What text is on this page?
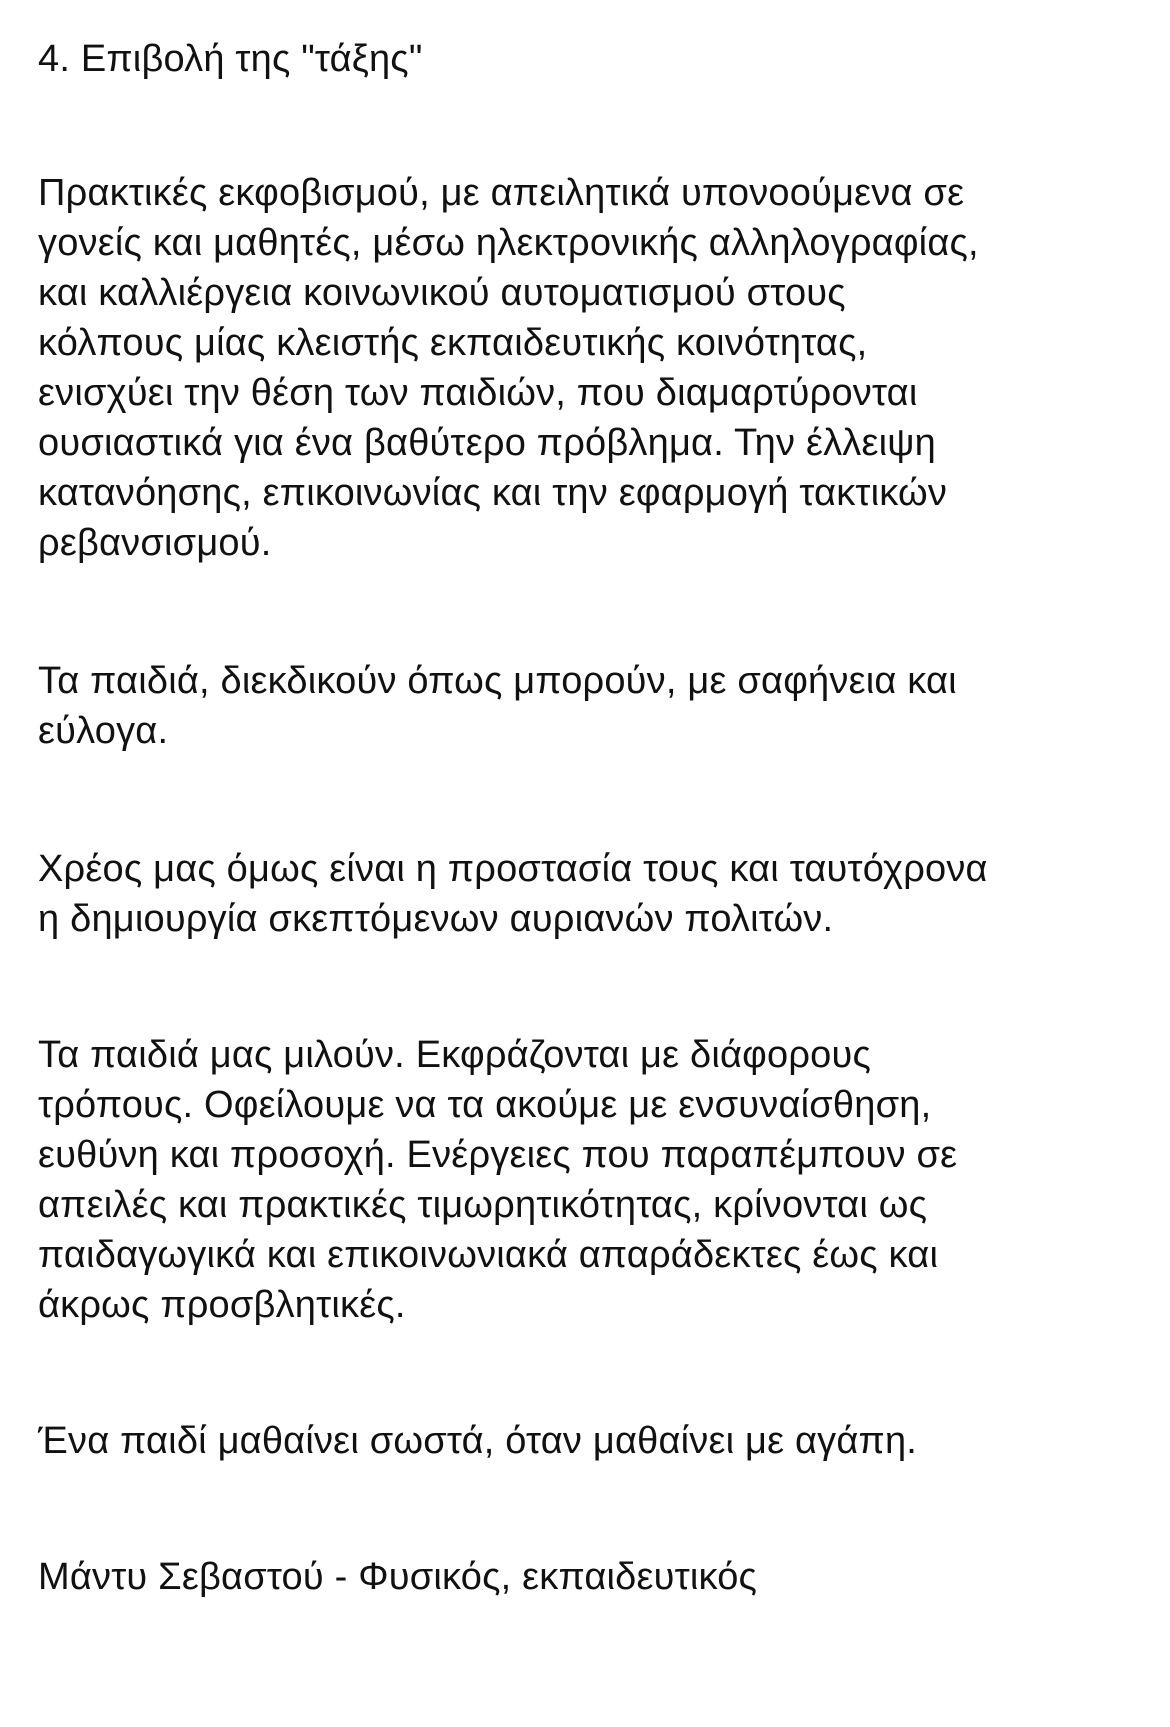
4. Επιβολή της "τάξης"
Πρακτικές εκφοβισμού, με απειλητικά υπονοούμενα σε
γονείς και μαθητές, μέσω ηλεκτρονικής αλληλογραφίας,
και καλλιέργεια κοινωνικού αυτοματισμού στους
κόλπους μίας κλειστής εκπαιδευτικής κοινότητας,
ενισχύει την θέση των παιδιών, που διαμαρτύρονται
ουσιαστικά για ένα βαθύτερο πρόβλημα. Την έλλειψη
κατανόησης, επικοινωνίας και την εφαρμογή τακτικών
ρεβανσισμού.
Τα παιδιά, διεκδικούν όπως μπορούν, με σαφήνεια και
εύλογα.
Χρέος μας όμως είναι η προστασία τους και ταυτόχρονα
η δημιουργία σκεπτόμενων αυριανών πολιτών.
Τα παιδιά μας μιλούν. Εκφράζονται με διάφορους
τρόπους. Οφείλουμε να τα ακούμε με ενσυναίσθηση,
ευθύνη και προσοχή. Ενέργειες που παραπέμπουν σε
απειλές και πρακτικές τιμωρητικότητας, κρίνονται ως
παιδαγωγικά και επικοινωνιακά απαράδεκτες έως και
άκρως προσβλητικές.
Ένα παιδί μαθαίνει σωστά, όταν μαθαίνει με αγάπη.
Μάντυ Σεβαστού - Φυσικός, εκπαιδευτικός
